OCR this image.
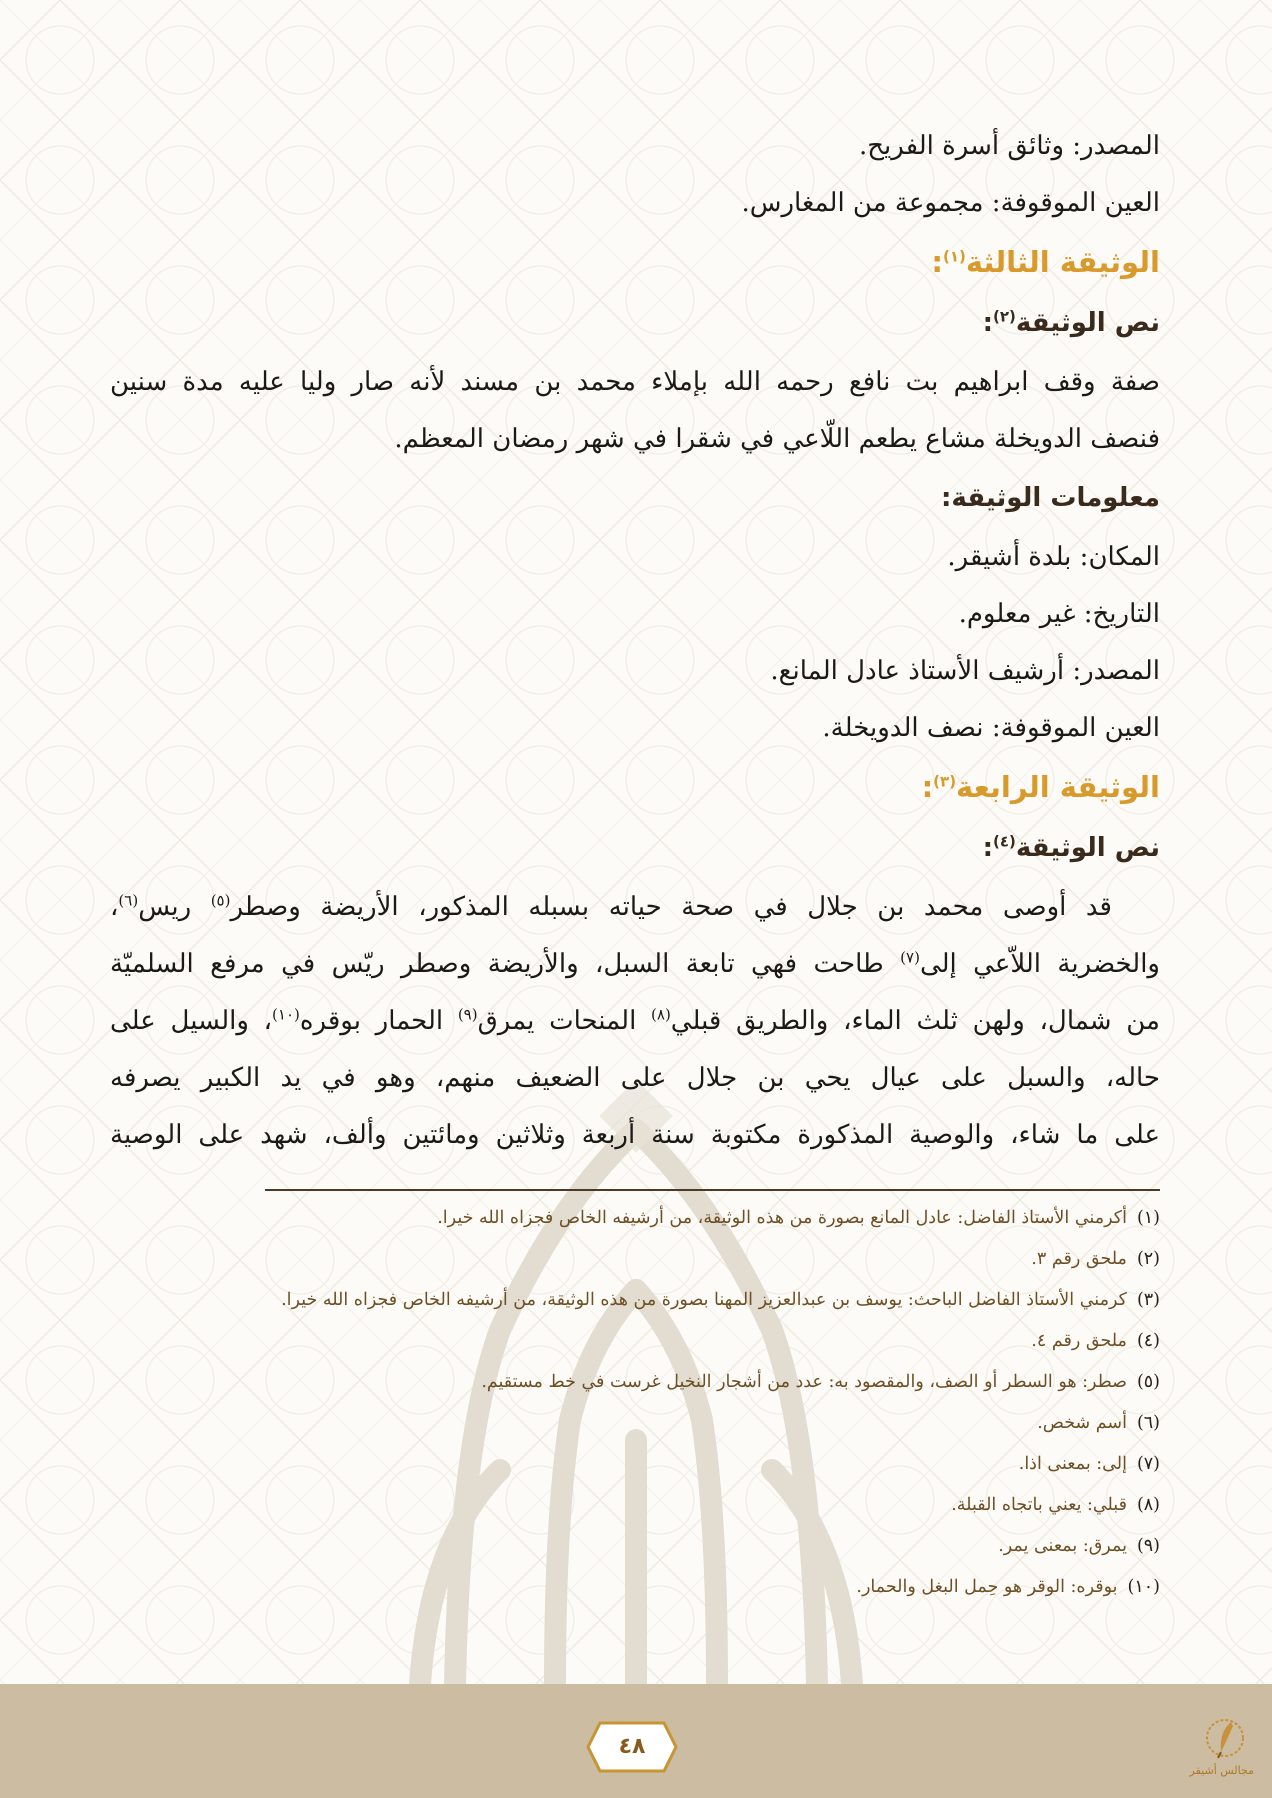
المصدر: وثائق أسرة الفريح.
العين الموقوفة: مجموعة من المغارس.
الوثيقة الثالثة$^{(١)}$:
نص الوثيقة$^{(٢)}$:
صفة وقف ابراهيم بت نافع رحمه الله بإملاء محمد بن مسند لأنه صار وليا عليه مدة سنين
فنصف الدويخلة مشاع يطعم اللّاعي في شقرا في شهر رمضان المعظم.
معلومات الوثيقة:
المكان: بلدة أشيقر.
التاريخ: غير معلوم.
المصدر: أرشيف الأستاذ عادل المانع.
العين الموقوفة: نصف الدويخلة.
الوثيقة الرابعة$^{(٣)}$:
نص الوثيقة$^{(٤)}$:
قد أوصى محمد بن جلال في صحة حياته بسبله المذكور، الأريضة وصطر$^{(٥)}$ ريس$^{(٦)}$،
والخضرية اللاّعي إلى$^{(٧)}$ طاحت فهي تابعة السبل، والأريضة وصطر ريّس في مرفع السلميّة
من شمال، ولهن ثلث الماء، والطريق قبلي$^{(٨)}$ المنحات يمرق$^{(٩)}$ الحمار بوقره$^{(١٠)}$، والسيل على
حاله، والسبل على عيال يحي بن جلال على الضعيف منهم، وهو في يد الكبير يصرفه
على ما شاء، والوصية المذكورة مكتوبة سنة أربعة وثلاثين ومائتين وألف، شهد على الوصية
(١)أكرمني الأستاذ الفاضل: عادل المانع بصورة من هذه الوثيقة، من أرشيفه الخاص فجزاه الله خيرا.
(٢)ملحق رقم ٣.
(٣)كرمني الأستاذ الفاضل الباحث: يوسف بن عبدالعزيز المهنا بصورة من هذه الوثيقة، من أرشيفه الخاص فجزاه الله خيرا.
(٤)ملحق رقم ٤.
(٥)صطر: هو السطر أو الصف، والمقصود به: عدد من أشجار النخيل غرست في خط مستقيم.
(٦)أسم شخص.
(٧)إلى: بمعنى اذا.
(٨)قبلي: يعني باتجاه القبلة.
(٩)يمرق: بمعنى يمر.
(١٠)بوقره: الوقر هو حِمل البغل والحمار.
٤٨
مجالس أشيقر
